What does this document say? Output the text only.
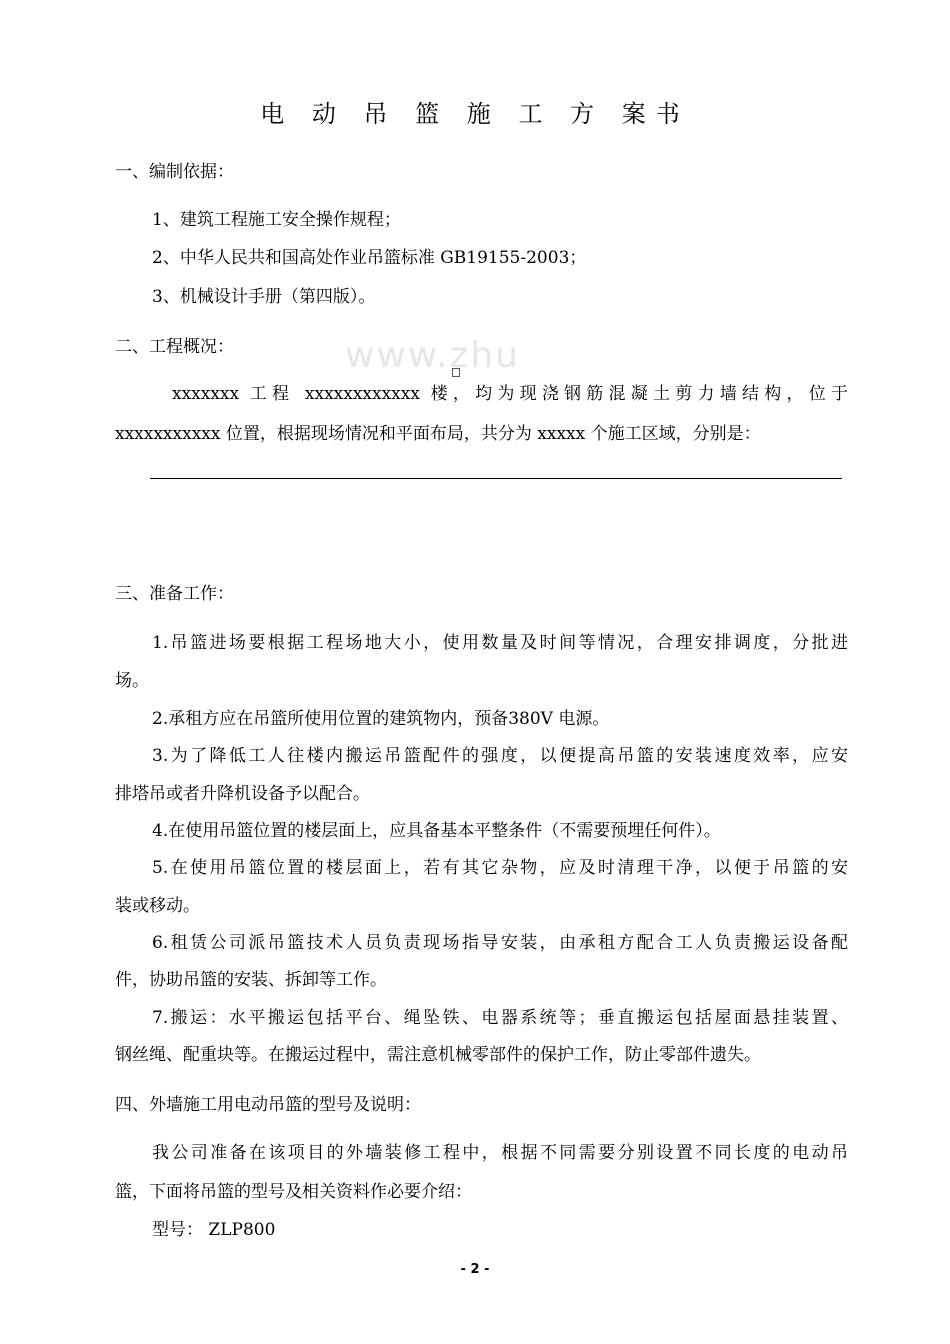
www.zhu
电 动 吊 篮 施 工 方 案书
一、编制依据：
1、建筑工程施工安全操作规程；
2、中华人民共和国高处作业吊篮标准 GB19155-2003；
3、机械设计手册（第四版）。
二、工程概况：
xxxxxxx 工程 xxxxxxxxxxxx 楼，均为现浇钢筋混凝土剪力墙结构，位于
xxxxxxxxxxx 位置，根据现场情况和平面布局，共分为 xxxxx 个施工区域，分别是：
三、准备工作：
1.吊篮进场要根据工程场地大小，使用数量及时间等情况，合理安排调度，分批进
场。
2.承租方应在吊篮所使用位置的建筑物内，预备380V 电源。
3.为了降低工人往楼内搬运吊篮配件的强度，以便提高吊篮的安装速度效率，应安
排塔吊或者升降机设备予以配合。
4.在使用吊篮位置的楼层面上，应具备基本平整条件（不需要预埋任何件）。
5.在使用吊篮位置的楼层面上，若有其它杂物，应及时清理干净，以便于吊篮的安
装或移动。
6.租赁公司派吊篮技术人员负责现场指导安装，由承租方配合工人负责搬运设备配
件，协助吊篮的安装、拆卸等工作。
7.搬运：水平搬运包括平台、绳坠铁、电器系统等；垂直搬运包括屋面悬挂装置、
钢丝绳、配重块等。在搬运过程中，需注意机械零部件的保护工作，防止零部件遗失。
四、外墙施工用电动吊篮的型号及说明：
我公司准备在该项目的外墙装修工程中，根据不同需要分别设置不同长度的电动吊
篮，下面将吊篮的型号及相关资料作必要介绍：
型号： ZLP800
- 2 -
